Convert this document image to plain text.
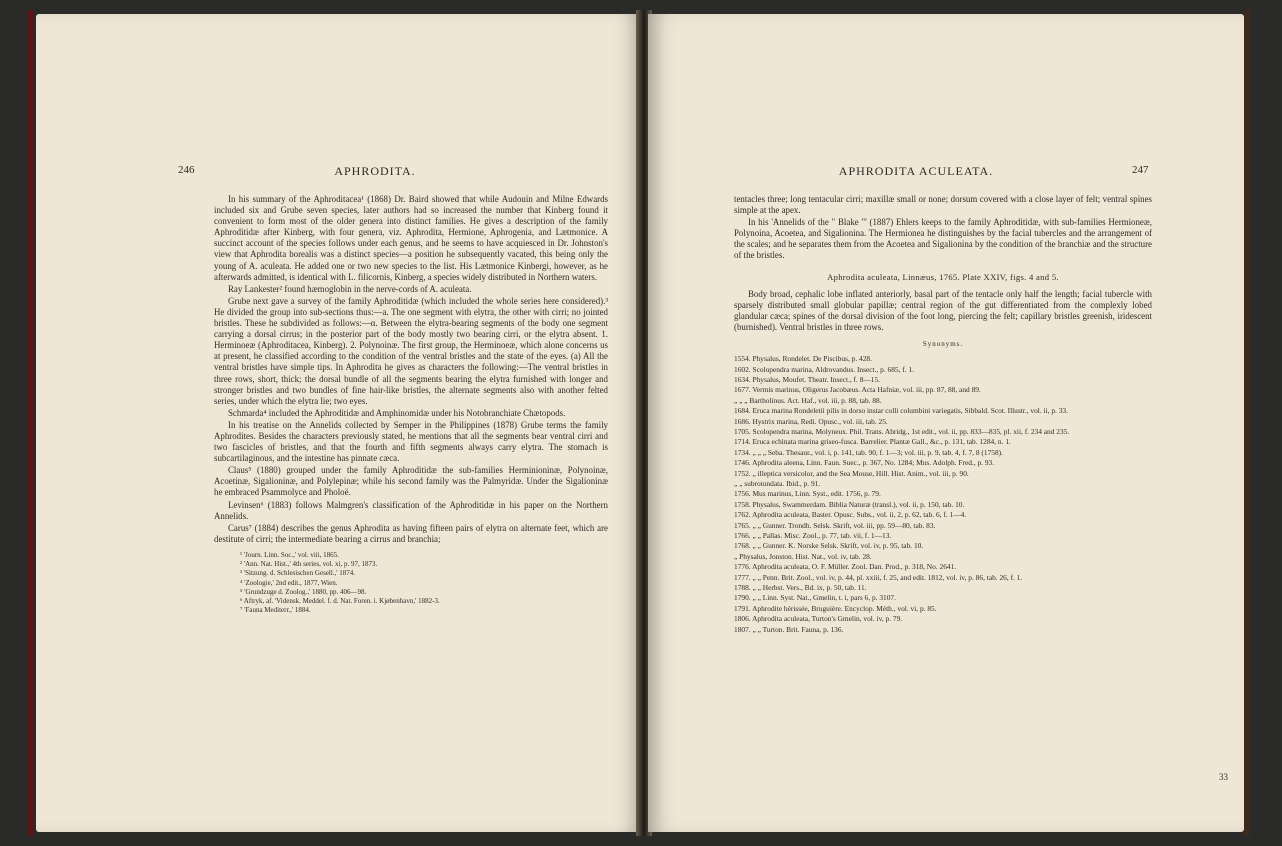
246	APHRODITA.

In his summary of the Aphroditacea¹ (1868) Dr. Baird showed that while Audouin and Milne Edwards included six and Grube seven species, later authors had so increased the number that Kinberg found it convenient to form most of the older genera into distinct families. He gives a description of the family Aphroditidæ after Kinberg, with four genera, viz. Aphrodita, Hermione, Aphrogenia, and Lætmonice. A succinct account of the species follows under each genus, and he seems to have acquiesced in Dr. Johnston's view that Aphrodita borealis was a distinct species—a position he subsequently vacated, this being only the young of A. aculeata. He added one or two new species to the list. His Lætmonice Kinbergi, however, as he afterwards admitted, is identical with L. filicornis, Kinberg, a species widely distributed in Northern waters.

Ray Lankester² found hæmoglobin in the nerve-cords of A. aculeata.

Grube next gave a survey of the family Aphroditidæ (which included the whole series here considered).³ He divided the group into sub-sections thus:—a. The one segment with elytra, the other with cirri; no jointed bristles. These he subdivided as follows:—α. Between the elytra-bearing segments of the body one segment carrying a dorsal cirrus; in the posterior part of the body mostly two bearing cirri, or the elytra absent. 1. Herminoeæ (Aphroditacea, Kinberg). 2. Polynoinæ. The first group, the Herminoeæ, which alone concerns us at present, he classified according to the condition of the ventral bristles and the state of the eyes. (a) All the ventral bristles have simple tips. In Aphrodita he gives as characters the following:—The ventral bristles in three rows, short, thick; the dorsal bundle of all the segments bearing the elytra furnished with longer and stronger bristles and two bundles of fine hair-like bristles, the alternate segments also with another felted series, under which the elytra lie; two eyes.

Schmarda⁴ included the Aphroditidæ and Amphinomidæ under his Notobranchiate Chætopods.

In his treatise on the Annelids collected by Semper in the Philippines (1878) Grube terms the family Aphrodites. Besides the characters previously stated, he mentions that all the segments bear ventral cirri and two fascicles of bristles, and that the fourth and fifth segments always carry elytra. The stomach is subcartilaginous, and the intestine has pinnate cæca.

Claus⁵ (1880) grouped under the family Aphroditidæ the sub-families Herminioninæ, Polynoinæ, Acoetinæ, Sigalioninæ, and Polylepinæ; while his second family was the Palmyridæ. Under the Sigalioninæ he embraced Psammolyce and Pholoë.

Levinsen⁶ (1883) follows Malmgren's classification of the Aphroditidæ in his paper on the Northern Annelids.

Carus⁷ (1884) describes the genus Aphrodita as having fifteen pairs of elytra on alternate feet, which are destitute of cirri; the intermediate bearing a cirrus and branchia;

¹ 'Journ. Linn. Soc.,' vol. viii, 1865.
² 'Ann. Nat. Hist.,' 4th series, vol. xi, p. 97, 1873.
³ 'Sitzung. d. Schlesischen Gesell.,' 1874.
⁴ 'Zoologie,' 2nd edit., 1877, Wien.
⁵ 'Grundzuge d. Zoolog.,' 1880, pp. 406—98.
⁶ Aftryk, af. 'Vidensk. Meddel. f. d. Nat. Foren. i. Kjøbenhavn,' 1882-3.
⁷ 'Fauna Mediterr.,' 1884.
APHRODITA ACULEATA.	247

tentacles three; long tentacular cirri; maxillæ small or none; dorsum covered with a close layer of felt; ventral spines simple at the apex.

In his 'Annelids of the " Blake "' (1887) Ehlers keeps to the family Aphroditidæ, with sub-families Hermioneæ, Polynoina, Acoetea, and Sigalionina. The Hermionea he distinguishes by the facial tubercles and the arrangement of the scales; and he separates them from the Acoetea and Sigalionina by the condition of the branchiæ and the structure of the bristles.

Aphrodita aculeata, Linnæus, 1765. Plate XXIV, figs. 4 and 5.

Body broad, cephalic lobe inflated anteriorly, basal part of the tentacle only half the length; facial tubercle with sparsely distributed small globular papillæ; central region of the gut differentiated from the complexly lobed glandular cæca; spines of the dorsal division of the foot long, piercing the felt; capillary bristles greenish, iridescent (burnished). Ventral bristles in three rows.

Synonyms.
1554. Physalus, Rondelet. De Piscibus, p. 428.
1602. Scolopendra marina, Aldrovandus. Insect., p. 685, f. 1.
1634. Physalus, Moufet. Theatr. Insect., f. 8—15.
1677. Vermis marinus, Oligerus Jacobæus. Acta Hafniæ, vol. iii, pp. 87, 88, and 89.
„ „ „ Bartholinus. Act. Haf., vol. iii, p. 88, tab. 88.
1684. Eruca marina Rondeletii pilis in dorso instar colli columbini variegatis, Sibbald. Scot. Illustr., vol. ii, p. 33.
1686. Hystrix marina, Redi. Opusc., vol. iii, tab. 25.
1705. Scolopendra marina, Molyneux. Phil. Trans. Abridg., 1st edit., vol. ii, pp. 833—835, pl. xii, f. 234 and 235.
1714. Eruca echinata marina griseo-fusca. Barrelier. Plantæ Gall., &c., p. 131, tab. 1284, n. 1.
1734. „ „ „ Seba. Thesaur., vol. i, p. 141, tab. 90, f. 1—3; vol. iii, p. 9, tab. 4, f. 7, 8 (1758).
1746. Aphrodita aleena, Linn. Faun. Suec., p. 367, No. 1284; Mus. Adolph. Fred., p. 93.
1752. „ illeptica versicolor, and the Sea Mouse, Hill. Hist. Anim., vol. iii, p. 90.
„ „ subrotundata. Ibid., p. 91.
1756. Mus marinus, Linn. Syst., edit. 1756, p. 79.
1758. Physalus, Swammerdam. Biblia Naturæ (transl.), vol. ii, p. 150, tab. 10.
1762. Aphrodita aculeata, Baster. Opusc. Subs., vol. ii, 2, p. 62, tab. 6, f. 1—4.
1765. „ „ Gunner. Trondh. Selsk. Skrift, vol. iii, pp. 59—80, tab. 83.
1766. „ „ Pallas. Misc. Zool., p. 77, tab. vii, f. 1—13.
1768. „ „ Gunner. K. Norske Selsk. Skrift, vol. iv, p. 95, tab. 10.
„ Physalus, Jonston. Hist. Nat., vol. iv, tab. 28.
1776. Aphrodita aculeata, O. F. Müller. Zool. Dan. Prod., p. 318, No. 2641.
1777. „ „ Penn. Brit. Zool., vol. iv, p. 44, pl. xxiii, f. 25, and edit. 1812, vol. iv, p. 86, tab. 26, f. 1.
1788. „ „ Herbst. Vers., Bd. ix, p. 50, tab. 11.
1790. „ „ Linn. Syst. Nat., Gmelin, t. i, pars 6, p. 3107.
1791. Aphrodite hérissée, Bruguière. Encyclop. Méth., vol. vi, p. 85.
1806. Aphrodita aculeata, Turton's Gmelin, vol. iv, p. 79.
1807. „ „ Turton. Brit. Fauna, p. 136.
33
